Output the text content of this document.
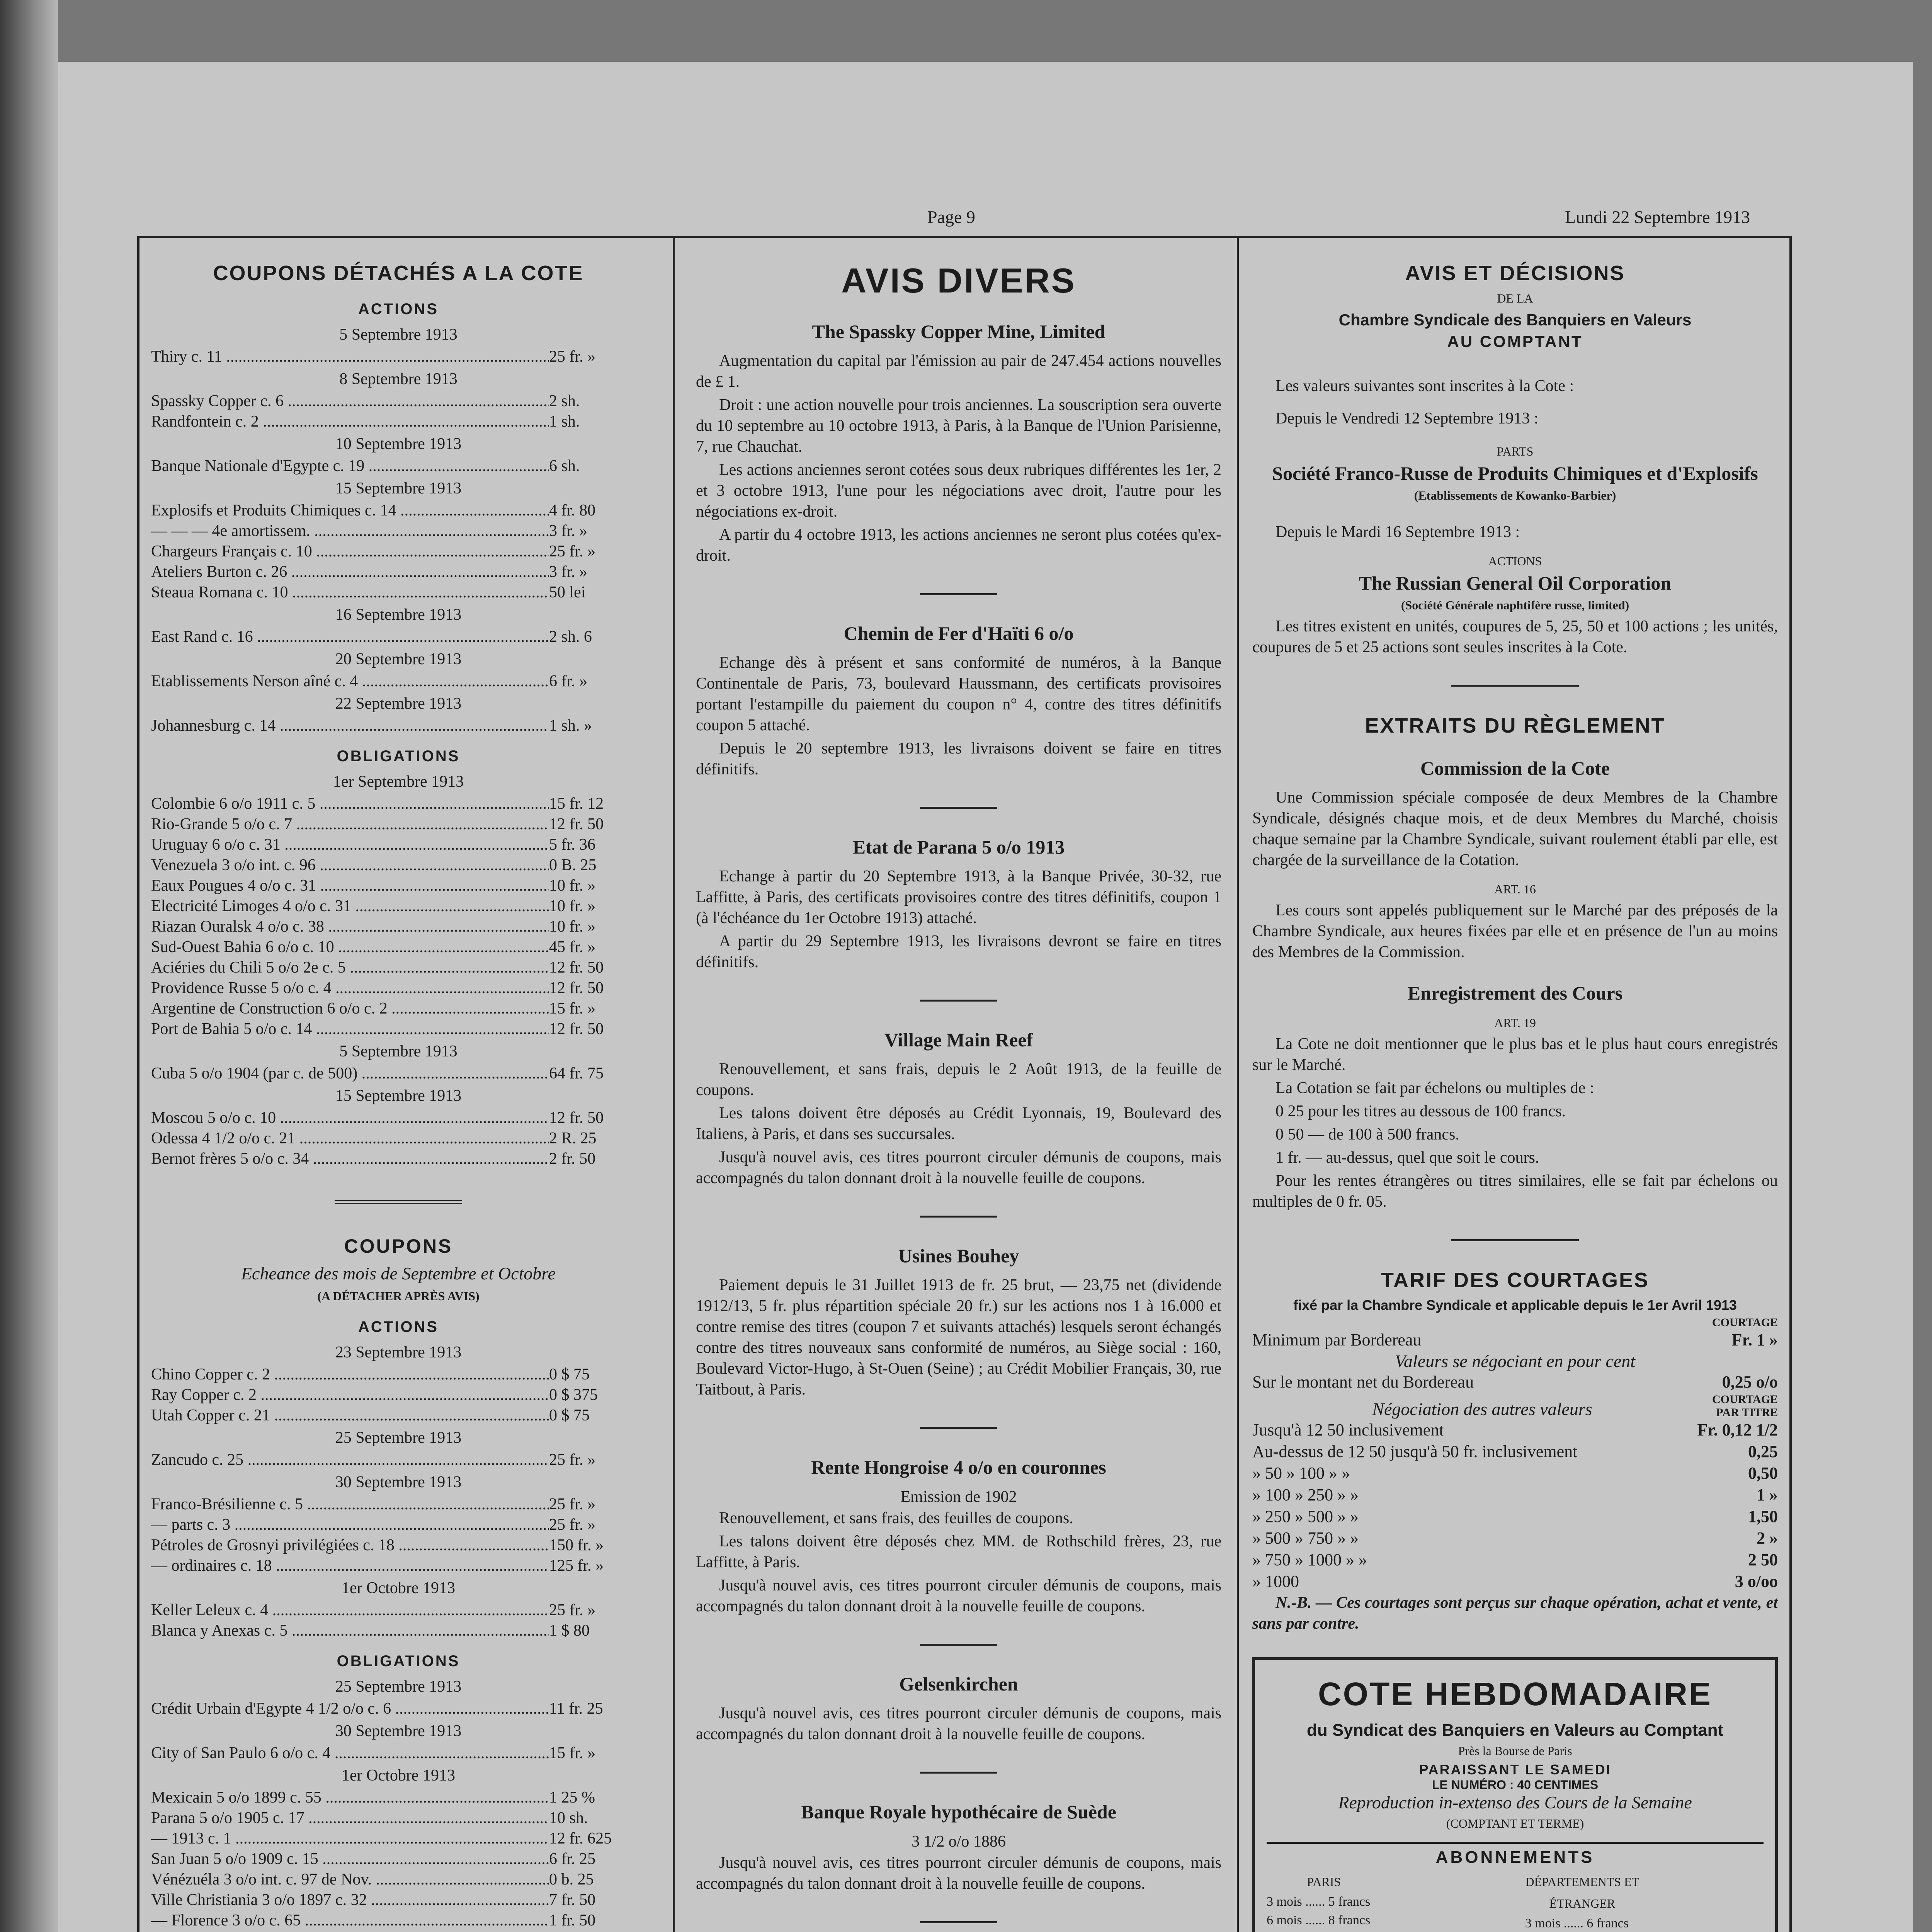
Page 9	Lundi 22 Septembre 1913
COUPONS DÉTACHÉS A LA COTE
ACTIONS
5 Septembre 1913
Thiry c. 11 .....	25 fr. »
8 Septembre 1913
Spassky Copper c. 6 .....	2 sh.
Randfontein c. 2 .....	1 sh.
10 Septembre 1913
Banque Nationale d'Egypte c. 19 .....	6 sh.
15 Septembre 1913
Explosifs et Produits Chimiques c. 14 .....	4 fr. 80
— — — 4e amortissem. .....	3 fr. »
Chargeurs Français c. 10 .....	25 fr. »
Ateliers Burton c. 26 .....	3 fr. »
Steaua Romana c. 10 .....	50 lei
16 Septembre 1913
East Rand c. 16 .....	2 sh. 6
20 Septembre 1913
Etablissements Nerson aîné c. 4 .....	6 fr. »
22 Septembre 1913
Johannesburg c. 14 .....	1 sh. »
OBLIGATIONS
1er Septembre 1913
Colombie 6 o/o 1911 c. 5 .....	15 fr. 12
Rio-Grande 5 o/o c. 7 .....	12 fr. 50
Uruguay 6 o/o c. 31 .....	5 fr. 36
Venezuela 3 o/o int. c. 96 .....	0 B. 25
Eaux Pougues 4 o/o c. 31 .....	10 fr. »
Electricité Limoges 4 o/o c. 31 .....	10 fr. »
Riazan Ouralsk 4 o/o c. 38 .....	10 fr. »
Sud-Ouest Bahia 6 o/o c. 10 .....	45 fr. »
Aciéries du Chili 5 o/o 2e c. 5 .....	12 fr. 50
Providence Russe 5 o/o c. 4 .....	12 fr. 50
Argentine de Construction 6 o/o c. 2 .....	15 fr. »
Port de Bahia 5 o/o c. 14 .....	12 fr. 50
5 Septembre 1913
Cuba 5 o/o 1904 (par c. de 500) .....	64 fr. 75
15 Septembre 1913
Moscou 5 o/o c. 10 .....	12 fr. 50
Odessa 4 1/2 o/o c. 21 .....	2 R. 25
Bernot frères 5 o/o c. 34 .....	2 fr. 50
COUPONS
Echeance des mois de Septembre et Octobre
(A DÉTACHER APRÈS AVIS)
ACTIONS
23 Septembre 1913
Chino Copper c. 2 .....	0 $ 75
Ray Copper c. 2 .....	0 $ 375
Utah Copper c. 21 .....	0 $ 75
25 Septembre 1913
Zancudo c. 25 .....	25 fr. »
30 Septembre 1913
Franco-Brésilienne c. 5 .....	25 fr. »
— parts c. 3 .....	25 fr. »
Pétroles de Grosnyi privilégiées c. 18 .....	150 fr. »
— ordinaires c. 18 .....	125 fr. »
1er Octobre 1913
Keller Leleux c. 4 .....	25 fr. »
Blanca y Anexas c. 5 .....	1 $ 80
OBLIGATIONS
25 Septembre 1913
Crédit Urbain d'Egypte 4 1/2 o/o c. 6 .....	11 fr. 25
30 Septembre 1913
City of San Paulo 6 o/o c. 4 .....	15 fr. »
1er Octobre 1913
Mexicain 5 o/o 1899 c. 55 .....	1 25 %
Parana 5 o/o 1905 c. 17 .....	10 sh.
— 1913 c. 1 .....	12 fr. 625
San Juan 5 o/o 1909 c. 15 .....	6 fr. 25
Vénézuéla 3 o/o int. c. 97 de Nov. .....	0 b. 25
Ville Christiania 3 o/o 1897 c. 32 .....	7 fr. 50
— Florence 3 o/o c. 65 .....	1 fr. 50
.....
AVIS DIVERS
The Spassky Copper Mine, Limited

Augmentation du capital par l'émission au pair de 247.454 actions nouvelles de £ 1.

Droit : une action nouvelle pour trois anciennes. La souscription sera ouverte du 10 septembre au 10 octobre 1913, à Paris, à la Banque de l'Union Parisienne, 7, rue Chauchat.

Les actions anciennes seront cotées sous deux rubriques différentes les 1er, 2 et 3 octobre 1913, l'une pour les négociations avec droit, l'autre pour les négociations ex-droit.

A partir du 4 octobre 1913, les actions anciennes ne seront plus cotées qu'ex-droit.

Chemin de Fer d'Haïti 6 o/o

Echange dès à présent et sans conformité de numéros, à la Banque Continentale de Paris, 73, boulevard Haussmann, des certificats provisoires portant l'estampille du paiement du coupon n° 4, contre des titres définitifs coupon 5 attaché.

Depuis le 20 septembre 1913, les livraisons doivent se faire en titres définitifs.

Etat de Parana 5 o/o 1913

Echange à partir du 20 Septembre 1913, à la Banque Privée, 30-32, rue Laffitte, à Paris, des certificats provisoires contre des titres définitifs, coupon 1 (à l'échéance du 1er Octobre 1913) attaché.

A partir du 29 Septembre 1913, les livraisons devront se faire en titres définitifs.

Village Main Reef

Renouvellement, et sans frais, depuis le 2 Août 1913, de la feuille de coupons.

Les talons doivent être déposés au Crédit Lyonnais, 19, Boulevard des Italiens, à Paris, et dans ses succursales.

Jusqu'à nouvel avis, ces titres pourront circuler démunis de coupons, mais accompagnés du talon donnant droit à la nouvelle feuille de coupons.

Usines Bouhey

Paiement depuis le 31 Juillet 1913 de fr. 25 brut, — 23,75 net (dividende 1912/13, 5 fr. plus répartition spéciale 20 fr.) sur les actions nos 1 à 16.000 et contre remise des titres (coupon 7 et suivants attachés) lesquels seront échangés contre des titres nouveaux sans conformité de numéros, au Siège social : 160, Boulevard Victor-Hugo, à St-Ouen (Seine) ; au Crédit Mobilier Français, 30, rue Taitbout, à Paris.

Rente Hongroise 4 o/o en couronnes
Emission de 1902

Renouvellement, et sans frais, des feuilles de coupons.

Les talons doivent être déposés chez MM. de Rothschild frères, 23, rue Laffitte, à Paris.

Jusqu'à nouvel avis, ces titres pourront circuler démunis de coupons, mais accompagnés du talon donnant droit à la nouvelle feuille de coupons.

Gelsenkirchen

Jusqu'à nouvel avis, ces titres pourront circuler démunis de coupons, mais accompagnés du talon donnant droit à la nouvelle feuille de coupons.

Banque Royale hypothécaire de Suède
3 1/2 o/o 1886

Jusqu'à nouvel avis, ces titres pourront circuler démunis de coupons, mais accompagnés du talon donnant droit à la nouvelle feuille de coupons.

AVIS ET DÉCISIONS
DE LA
Chambre Syndicale des Banquiers en Valeurs
AU COMPTANT

Les valeurs suivantes sont inscrites à la Cote :

Depuis le Vendredi 12 Septembre 1913 :

PARTS
Société Franco-Russe de Produits Chimiques et d'Explosifs
(Etablissements de Kowanko-Barbier)

Depuis le Mardi 16 Septembre 1913 :

ACTIONS
The Russian General Oil Corporation
(Société Générale naphtifère russe, limited)

Les titres existent en unités, coupures de 5, 25, 50 et 100 actions ; les unités, coupures de 5 et 25 actions sont seules inscrites à la Cote.

EXTRAITS DU RÈGLEMENT
Commission de la Cote

Une Commission spéciale composée de deux Membres de la Chambre Syndicale, désignés chaque mois, et de deux Membres du Marché, choisis chaque semaine par la Chambre Syndicale, suivant roulement établi par elle, est chargée de la surveillance de la Cotation.

ART. 16

Les cours sont appelés publiquement sur le Marché par des préposés de la Chambre Syndicale, aux heures fixées par elle et en présence de l'un au moins des Membres de la Commission.

Enregistrement des Cours
ART. 19

La Cote ne doit mentionner que le plus bas et le plus haut cours enregistrés sur le Marché.

La Cotation se fait par échelons ou multiples de :

0 25 pour les titres au dessous de 100 francs.

0 50 — de 100 à 500 francs.

1 fr. — au-dessus, quel que soit le cours.

Pour les rentes étrangères ou titres similaires, elle se fait par échelons ou multiples de 0 fr. 05.

TARIF DES COURTAGES
fixé par la Chambre Syndicale et applicable depuis le 1er Avril 1913
COURTAGE
Minimum par Bordereau	Fr. 1 »
Valeurs se négociant en pour cent
Sur le montant net du Bordereau	0,25 o/o
Négociation des autres valeurs	COURTAGE PAR TITRE
Jusqu'à 12 50 inclusivement	Fr. 0,12 1/2
Au-dessus de 12 50 jusqu'à 50 fr. inclusivement	0,25
» 50 » 100 » »	0,50
» 100 » 250 » »	1 »
» 250 » 500 » »	1,50
» 500 » 750 » »	2 »
» 750 » 1000 » »	2 50
» 1000	3 o/oo

N.-B. — Ces courtages sont perçus sur chaque opération, achat et vente, et sans par contre.

COTE HEBDOMADAIRE
du Syndicat des Banquiers en Valeurs au Comptant
Près la Bourse de Paris
PARAISSANT LE SAMEDI
LE NUMÉRO : 40 CENTIMES
Reproduction in-extenso des Cours de la Semaine
(COMPTANT ET TERME)
ABONNEMENTS
PARIS
3 mois ...... 5 francs
6 mois ...... 8 francs
DÉPARTEMENTS ET ÉTRANGER
3 mois ...... 6 francs
